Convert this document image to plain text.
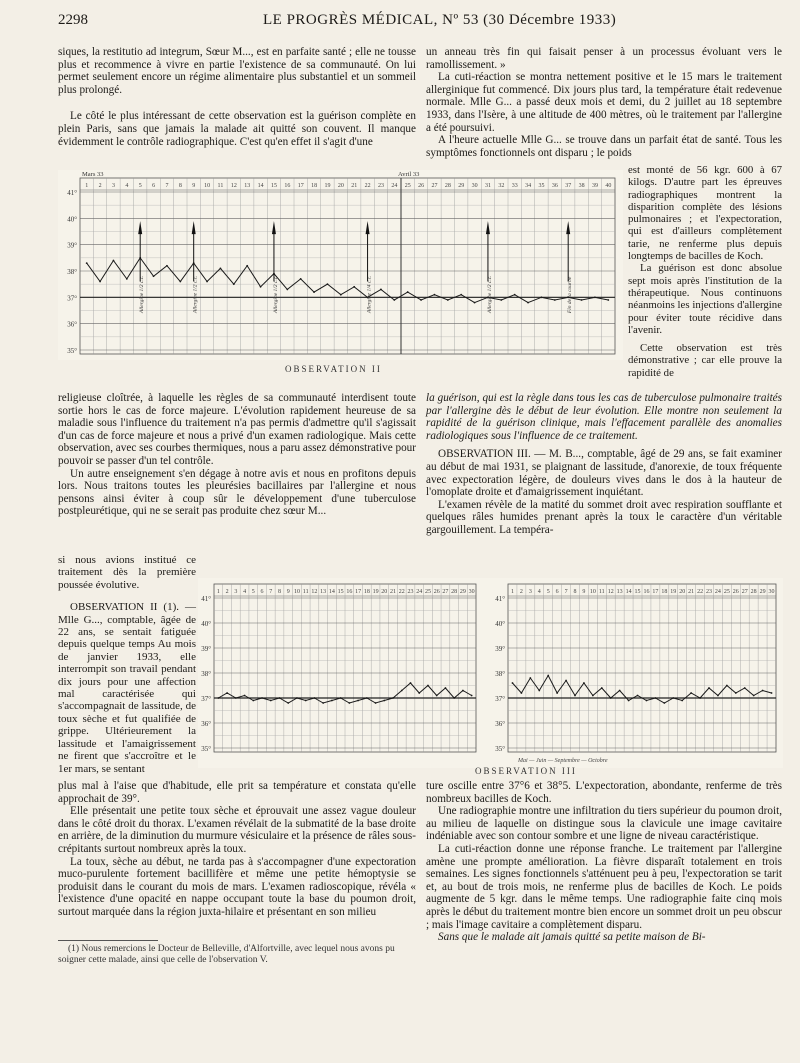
2298	LE PROGRÈS MÉDICAL, Nº 53 (30 Décembre 1933)

siques, la restitutio ad integrum, Sœur M..., est en parfaite santé ; elle ne tousse plus et recommence à vivre en partie l'existence de sa communauté. On lui permet seulement encore un régime alimentaire plus substantiel et un sommeil plus prolongé.

Le côté le plus intéressant de cette observation est la guérison complète en plein Paris, sans que jamais la malade ait quitté son couvent. Il manque évidemment le contrôle radiographique. C'est qu'en effet il s'agit d'une

un anneau très fin qui faisait penser à un processus évoluant vers le ramollissement. »

La cuti-réaction se montra nettement positive et le 15 mars le traitement allerginique fut commencé. Dix jours plus tard, la température était redevenue normale. Mlle G... a passé deux mois et demi, du 2 juillet au 18 septembre 1933, dans l'Isère, à une altitude de 400 mètres, où le traitement par l'allergine a été poursuivi.

A l'heure actuelle Mlle G... se trouve dans un parfait état de santé. Tous les symptômes fonctionnels ont disparu ; le poids

1 2 3 4 5 6 7 8 9 10 11 12 13 14 15 16 17 18 19 20 21 22 23 24 25 26 27 28 29 30 31 32 33 34 35 36 37 38 39 40
41°
40°
39°
38°
37°
36°
35°
Mars 33	Avril 33
Allergine 1/2 c.c.	Allergine 1/2 c.c.	Allergine 1/2 c.c.	Allergine 1/4 c.c.	Allergine 1/2 c.c.	Fin de la courbe
OBSERVATION II

est monté de 56 kgr. 600 à 67 kilogs. D'autre part les épreuves radiographiques montrent la disparition complète des lésions pulmonaires ; et l'expectoration, qui est d'ailleurs complètement tarie, ne renferme plus depuis longtemps de bacilles de Koch.

La guérison est donc absolue sept mois après l'institution de la thérapeutique. Nous continuons néanmoins les injections d'allergine pour éviter toute récidive dans l'avenir.

Cette observation est très démonstrative ; car elle prouve la rapidité de

religieuse cloîtrée, à laquelle les règles de sa communauté interdisent toute sortie hors le cas de force majeure. L'évolution rapidement heureuse de sa maladie sous l'influence du traitement n'a pas permis d'admettre qu'il s'agissait d'un cas de force majeure et nous a privé d'un examen radiologique. Mais cette observation, avec ses courbes thermiques, nous a paru assez démonstrative pour pouvoir se passer d'un tel contrôle.

Un autre enseignement s'en dégage à notre avis et nous en profitons depuis lors. Nous traitons toutes les pleurésies bacillaires par l'allergine et nous pensons ainsi éviter à coup sûr le développement d'une tuberculose postpleurétique, qui ne se serait pas produite chez sœur M...

la guérison, qui est la règle dans tous les cas de tuberculose pulmonaire traités par l'allergine dès le début de leur évolution. Elle montre non seulement la rapidité de la guérison clinique, mais l'effacement parallèle des anomalies radiologiques sous l'influence de ce traitement.

OBSERVATION III. — M. B..., comptable, âgé de 29 ans, se fait examiner au début de mai 1931, se plaignant de lassitude, d'anorexie, de toux fréquente avec expectoration légère, de douleurs vives dans le dos à la hauteur de l'omoplate droite et d'amaigrissement inquiétant.

L'examen révèle de la matité du sommet droit avec respiration soufflante et quelques râles humides prenant après la toux le caractère d'un véritable gargouillement. La tempéra-

si nous avions institué ce traitement dès la première poussée évolutive.

OBSERVATION II (1). — Mlle G..., comptable, âgée de 22 ans, se sentait fatiguée depuis quelque temps Au mois de janvier 1933, elle interrompit son travail pendant dix jours pour une affection mal caractérisée qui s'accompagnait de lassitude, de toux sèche et fut qualifiée de grippe. Ultérieurement la lassitude et l'amaigrissement ne firent que s'accroître et le 1er mars, se sentant

1 2 3 4 5 6 7 8 9 10 11 12 13 14 15 16 17 18 19 20 21 22 23 24 25 26 27 28 29 30
41°
40°
39°
38°
37°
36°
35°
1 2 3 4 5 6 7 8 9 10 11 12 13 14 15 16 17 18 19 20 21 22 23 24 25 26 27 28 29 30
41°
40°
39°
38°
37°
36°
35°
Mai — Juin — Septembre — Octobre
OBSERVATION III

plus mal à l'aise que d'habitude, elle prit sa température et constata qu'elle approchait de 39°.

Elle présentait une petite toux sèche et éprouvait une assez vague douleur dans le côté droit du thorax. L'examen révélait de la submatité de la base droite en arrière, de la diminution du murmure vésiculaire et la présence de râles sous-crépitants surtout nombreux après la toux.

La toux, sèche au début, ne tarda pas à s'accompagner d'une expectoration muco-purulente fortement bacillifère et même une petite hémoptysie se produisit dans le courant du mois de mars. L'examen radioscopique, révéla « l'existence d'une opacité en nappe occupant toute la base du poumon droit, surtout marquée dans la région juxta-hilaire et présentant en son milieu

(1) Nous remercions le Docteur de Belleville, d'Alfortville, avec lequel nous avons pu soigner cette malade, ainsi que celle de l'observation V.

ture oscille entre 37°6 et 38°5. L'expectoration, abondante, renferme de très nombreux bacilles de Koch.

Une radiographie montre une infiltration du tiers supérieur du poumon droit, au milieu de laquelle on distingue sous la clavicule une image cavitaire indéniable avec son contour sombre et une ligne de niveau caractéristique.

La cuti-réaction donne une réponse franche. Le traitement par l'allergine amène une prompte amélioration. La fièvre disparaît totalement en trois semaines. Les signes fonctionnels s'atténuent peu à peu, l'expectoration se tarit et, au bout de trois mois, ne renferme plus de bacilles de Koch. Le poids augmente de 5 kgr. dans le même temps. Une radiographie faite cinq mois après le début du traitement montre bien encore un sommet droit un peu obscur ; mais l'image cavitaire a complètement disparu.

Sans que le malade ait jamais quitté sa petite maison de Bi-
